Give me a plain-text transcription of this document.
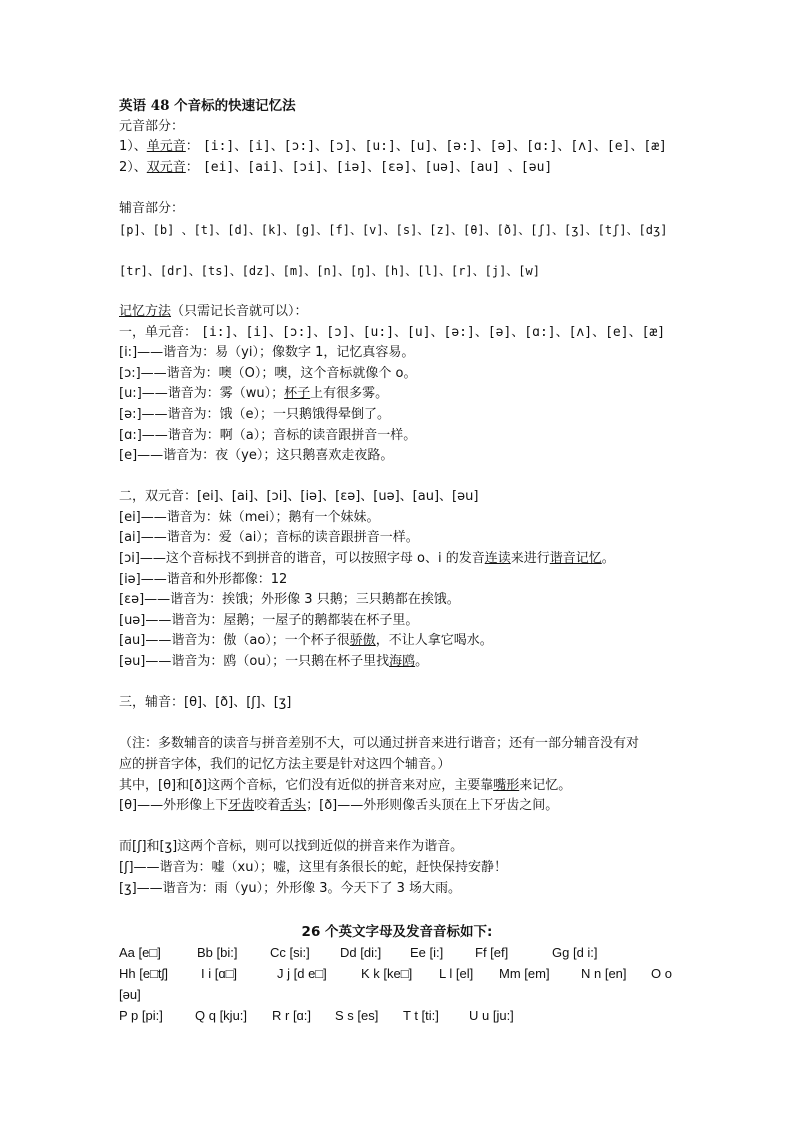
英语 48 个音标的快速记忆法
元音部分：
1）、单元音： [i:]、[i]、[ɔ:]、[ɔ]、[u:]、[u]、[ə:]、[ə]、[ɑ:]、[ʌ]、[e]、[æ]
2）、双元音： [ei]、[ai]、[ɔi]、[iə]、[εə]、[uə]、[au] 、[əu]
辅音部分：
[p]、[b] 、[t]、[d]、[k]、[g]、[f]、[v]、[s]、[z]、[θ]、[ð]、[ʃ]、[ʒ]、[tʃ]、[dʒ]
[tr]、[dr]、[ts]、[dz]、[m]、[n]、[ŋ]、[h]、[l]、[r]、[j]、[w]
记忆方法（只需记长音就可以）：
一，单元音： [i:]、[i]、[ɔ:]、[ɔ]、[u:]、[u]、[ə:]、[ə]、[ɑ:]、[ʌ]、[e]、[æ]
[i:]——谐音为：易（yi）；像数字 1，记忆真容易。
[ɔ:]——谐音为：噢（O）；噢，这个音标就像个 o。
[u:]——谐音为：雾（wu）；杯子上有很多雾。
[ə:]——谐音为：饿（e）；一只鹅饿得晕倒了。
[ɑ:]——谐音为：啊（a）；音标的读音跟拼音一样。
[e]——谐音为：夜（ye）；这只鹅喜欢走夜路。
二，双元音：[ei]、[ai]、[ɔi]、[iə]、[εə]、[uə]、[au]、[əu]
[ei]——谐音为：妹（mei）；鹅有一个妹妹。
[ai]——谐音为：爱（ai）；音标的读音跟拼音一样。
[ɔi]——这个音标找不到拼音的谐音，可以按照字母 o、i 的发音连读来进行谐音记忆。
[iə]——谐音和外形都像：12
[εə]——谐音为：挨饿；外形像 3 只鹅；三只鹅都在挨饿。
[uə]——谐音为：屋鹅；一屋子的鹅都装在杯子里。
[au]——谐音为：傲（ao）；一个杯子很骄傲，不让人拿它喝水。
[əu]——谐音为：鸥（ou）；一只鹅在杯子里找海鸥。
三，辅音：[θ]、[ð]、[ʃ]、[ʒ]
（注：多数辅音的读音与拼音差别不大，可以通过拼音来进行谐音；还有一部分辅音没有对
应的拼音字体，我们的记忆方法主要是针对这四个辅音。）
其中，[θ]和[ð]这两个音标，它们没有近似的拼音来对应，主要靠嘴形来记忆。
[θ]——外形像上下牙齿咬着舌头；[ð]——外形则像舌头顶在上下牙齿之间。
而[ʃ]和[ʒ]这两个音标，则可以找到近似的拼音来作为谐音。
[ʃ]——谐音为：嘘（xu）；嘘，这里有条很长的蛇，赶快保持安静！
[ʒ]——谐音为：雨（yu）；外形像 3。今天下了 3 场大雨。
26 个英文字母及发音音标如下:
Aa [e□]	Bb [bi:]	Cc [si:] Dd [di:] Ee [i:] Ff [ef]	Gg [d i:]
Hh [e□tʃ]	I i [ɑ□]	J j [d e□]	K k [ke□] L l [el] Mm [em] N n [en] O o
[əu]
P p [pi:] Q q [kju:] R r [ɑ:] S s [es] T t [ti:] U u [ju:]
